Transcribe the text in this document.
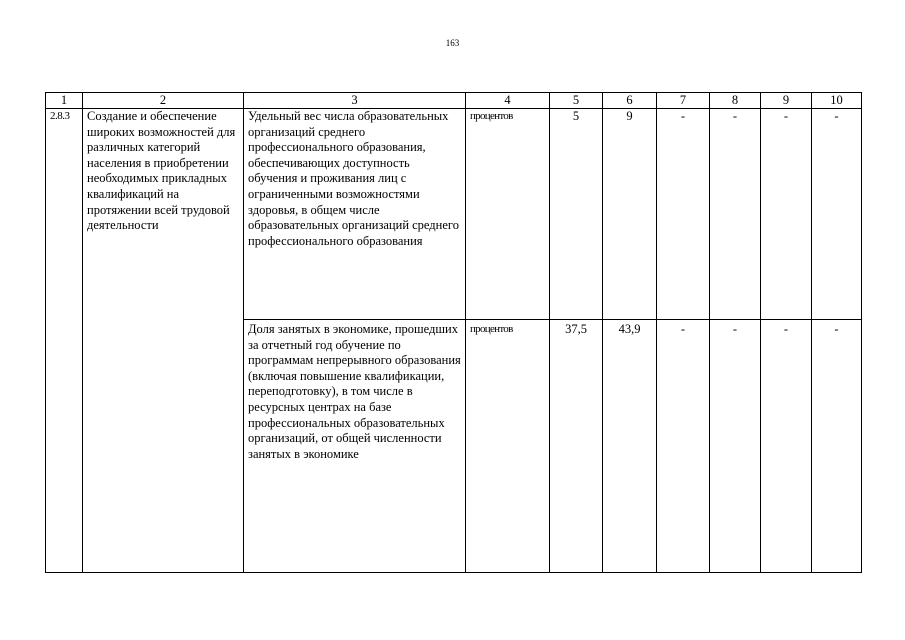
163
1	2	3	4	5	6	7	8	9	10
2.8.3	Создание и обеспечение широких возможностей для различных категорий населения в приобретении необходимых прикладных квалификаций на протяжении всей трудовой деятельности	Удельный вес числа образовательных организаций среднего профессионального образования, обеспечивающих доступность обучения и проживания лиц с ограниченными возможностями здоровья, в общем числе образовательных организаций среднего профессионального образования	процентов	5	9	-	-	-	-
		Доля занятых в экономике, прошедших за отчетный год обучение по программам непрерывного образования (включая повышение квалификации, переподготовку), в том числе в ресурсных центрах на базе профессиональных образовательных организаций, от общей численности занятых в экономике	процентов	37,5	43,9	-	-	-	-
